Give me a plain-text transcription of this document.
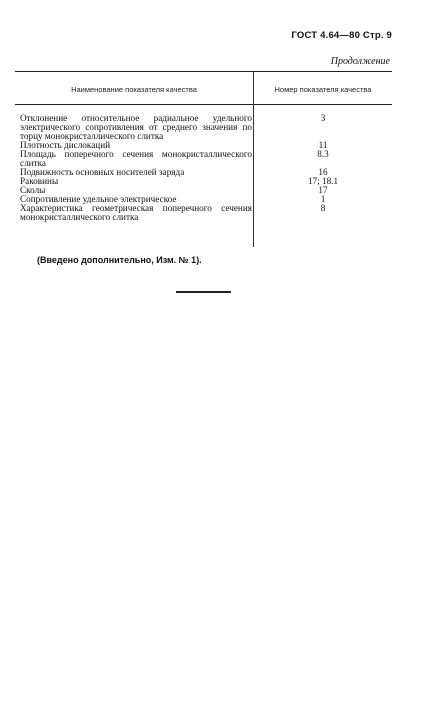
ГОСТ 4.64—80 Стр. 9
Продолжение
Наименование показателя качества	Номер показателя качества

Отклонение относительное радиальное удельного электрического сопротивления от среднего значения по торцу монокристаллического слитка

Плотность дислокаций

Площадь поперечного сечения монокристаллического слитка

Подвижность основных носителей заряда

Раковины

Сколы

Сопротивление удельное электрическое

Характеристика геометрическая поперечного сечения монокристаллического слитка

3

11

8.3

16

17; 18.1

17

1

8

(Введено дополнительно, Изм. № 1).
